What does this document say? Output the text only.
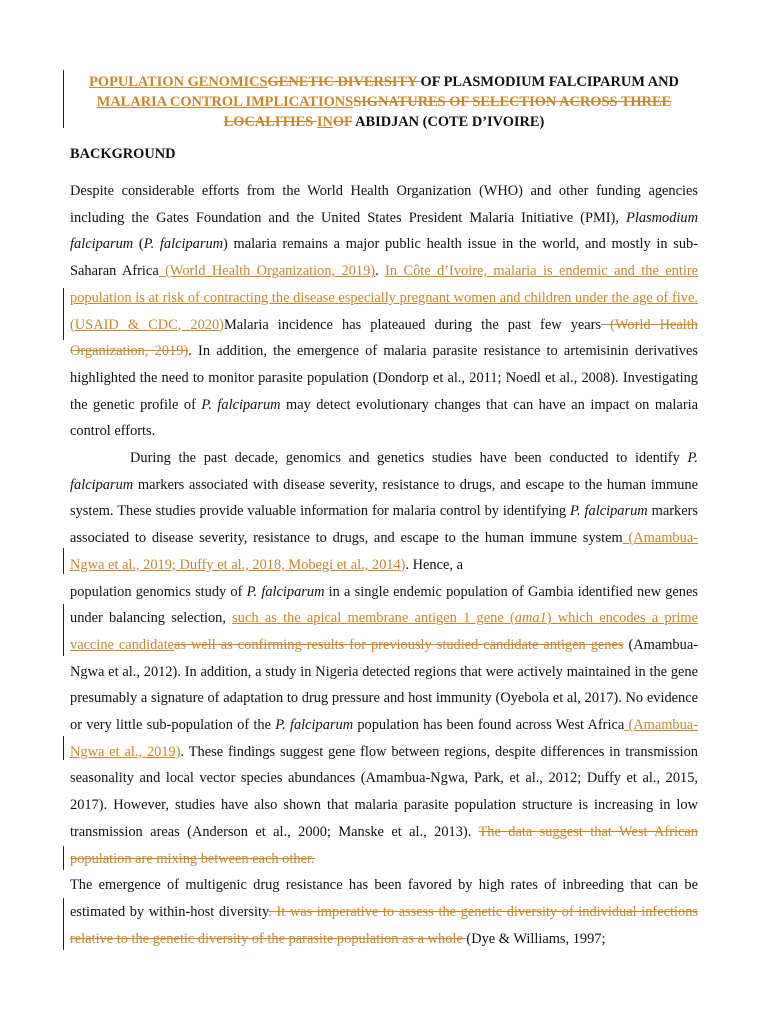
POPULATION GENOMICSGENETIC DIVERSITY OF PLASMODIUM FALCIPARUM AND MALARIA CONTROL IMPLICATIONSSIGNATURES OF SELECTION ACROSS THREE LOCALITIES INOF ABIDJAN (COTE D’IVOIRE)

BACKGROUND

Despite considerable efforts from the World Health Organization (WHO) and other funding agencies including the Gates Foundation and the United States President Malaria Initiative (PMI), Plasmodium falciparum (P. falciparum) malaria remains a major public health issue in the world, and mostly in sub-Saharan Africa (World Health Organization, 2019). In Côte d’Ivoire, malaria is endemic and the entire population is at risk of contracting the disease especially pregnant women and children under the age of five. (USAID & CDC, 2020)Malaria incidence has plateaued during the past few years (World Health Organization, 2019). In addition, the emergence of malaria parasite resistance to artemisinin derivatives highlighted the need to monitor parasite population (Dondorp et al., 2011; Noedl et al., 2008). Investigating the genetic profile of P. falciparum may detect evolutionary changes that can have an impact on malaria control efforts.

During the past decade, genomics and genetics studies have been conducted to identify P. falciparum markers associated with disease severity, resistance to drugs, and escape to the human immune system. These studies provide valuable information for malaria control by identifying P. falciparum markers associated to disease severity, resistance to drugs, and escape to the human immune system (Amambua-Ngwa et al., 2019; Duffy et al., 2018, Mobegi et al., 2014). Hence, a

population genomics study of P. falciparum in a single endemic population of Gambia identified new genes under balancing selection, such as the apical membrane antigen 1 gene (ama1) which encodes a prime vaccine candidateas well as confirming results for previously studied candidate antigen genes (Amambua-Ngwa et al., 2012). In addition, a study in Nigeria detected regions that were actively maintained in the gene presumably a signature of adaptation to drug pressure and host immunity (Oyebola et al, 2017). No evidence or very little sub-population of the P. falciparum population has been found across West Africa (Amambua-Ngwa et al., 2019). These findings suggest gene flow between regions, despite differences in transmission seasonality and local vector species abundances (Amambua-Ngwa, Park, et al., 2012; Duffy et al., 2015, 2017). However, studies have also shown that malaria parasite population structure is increasing in low transmission areas (Anderson et al., 2000; Manske et al., 2013). The data suggest that West African population are mixing between each other.

The emergence of multigenic drug resistance has been favored by high rates of inbreeding that can be estimated by within-host diversity. It was imperative to assess the genetic diversity of individual infections relative to the genetic diversity of the parasite population as a whole (Dye & Williams, 1997;
